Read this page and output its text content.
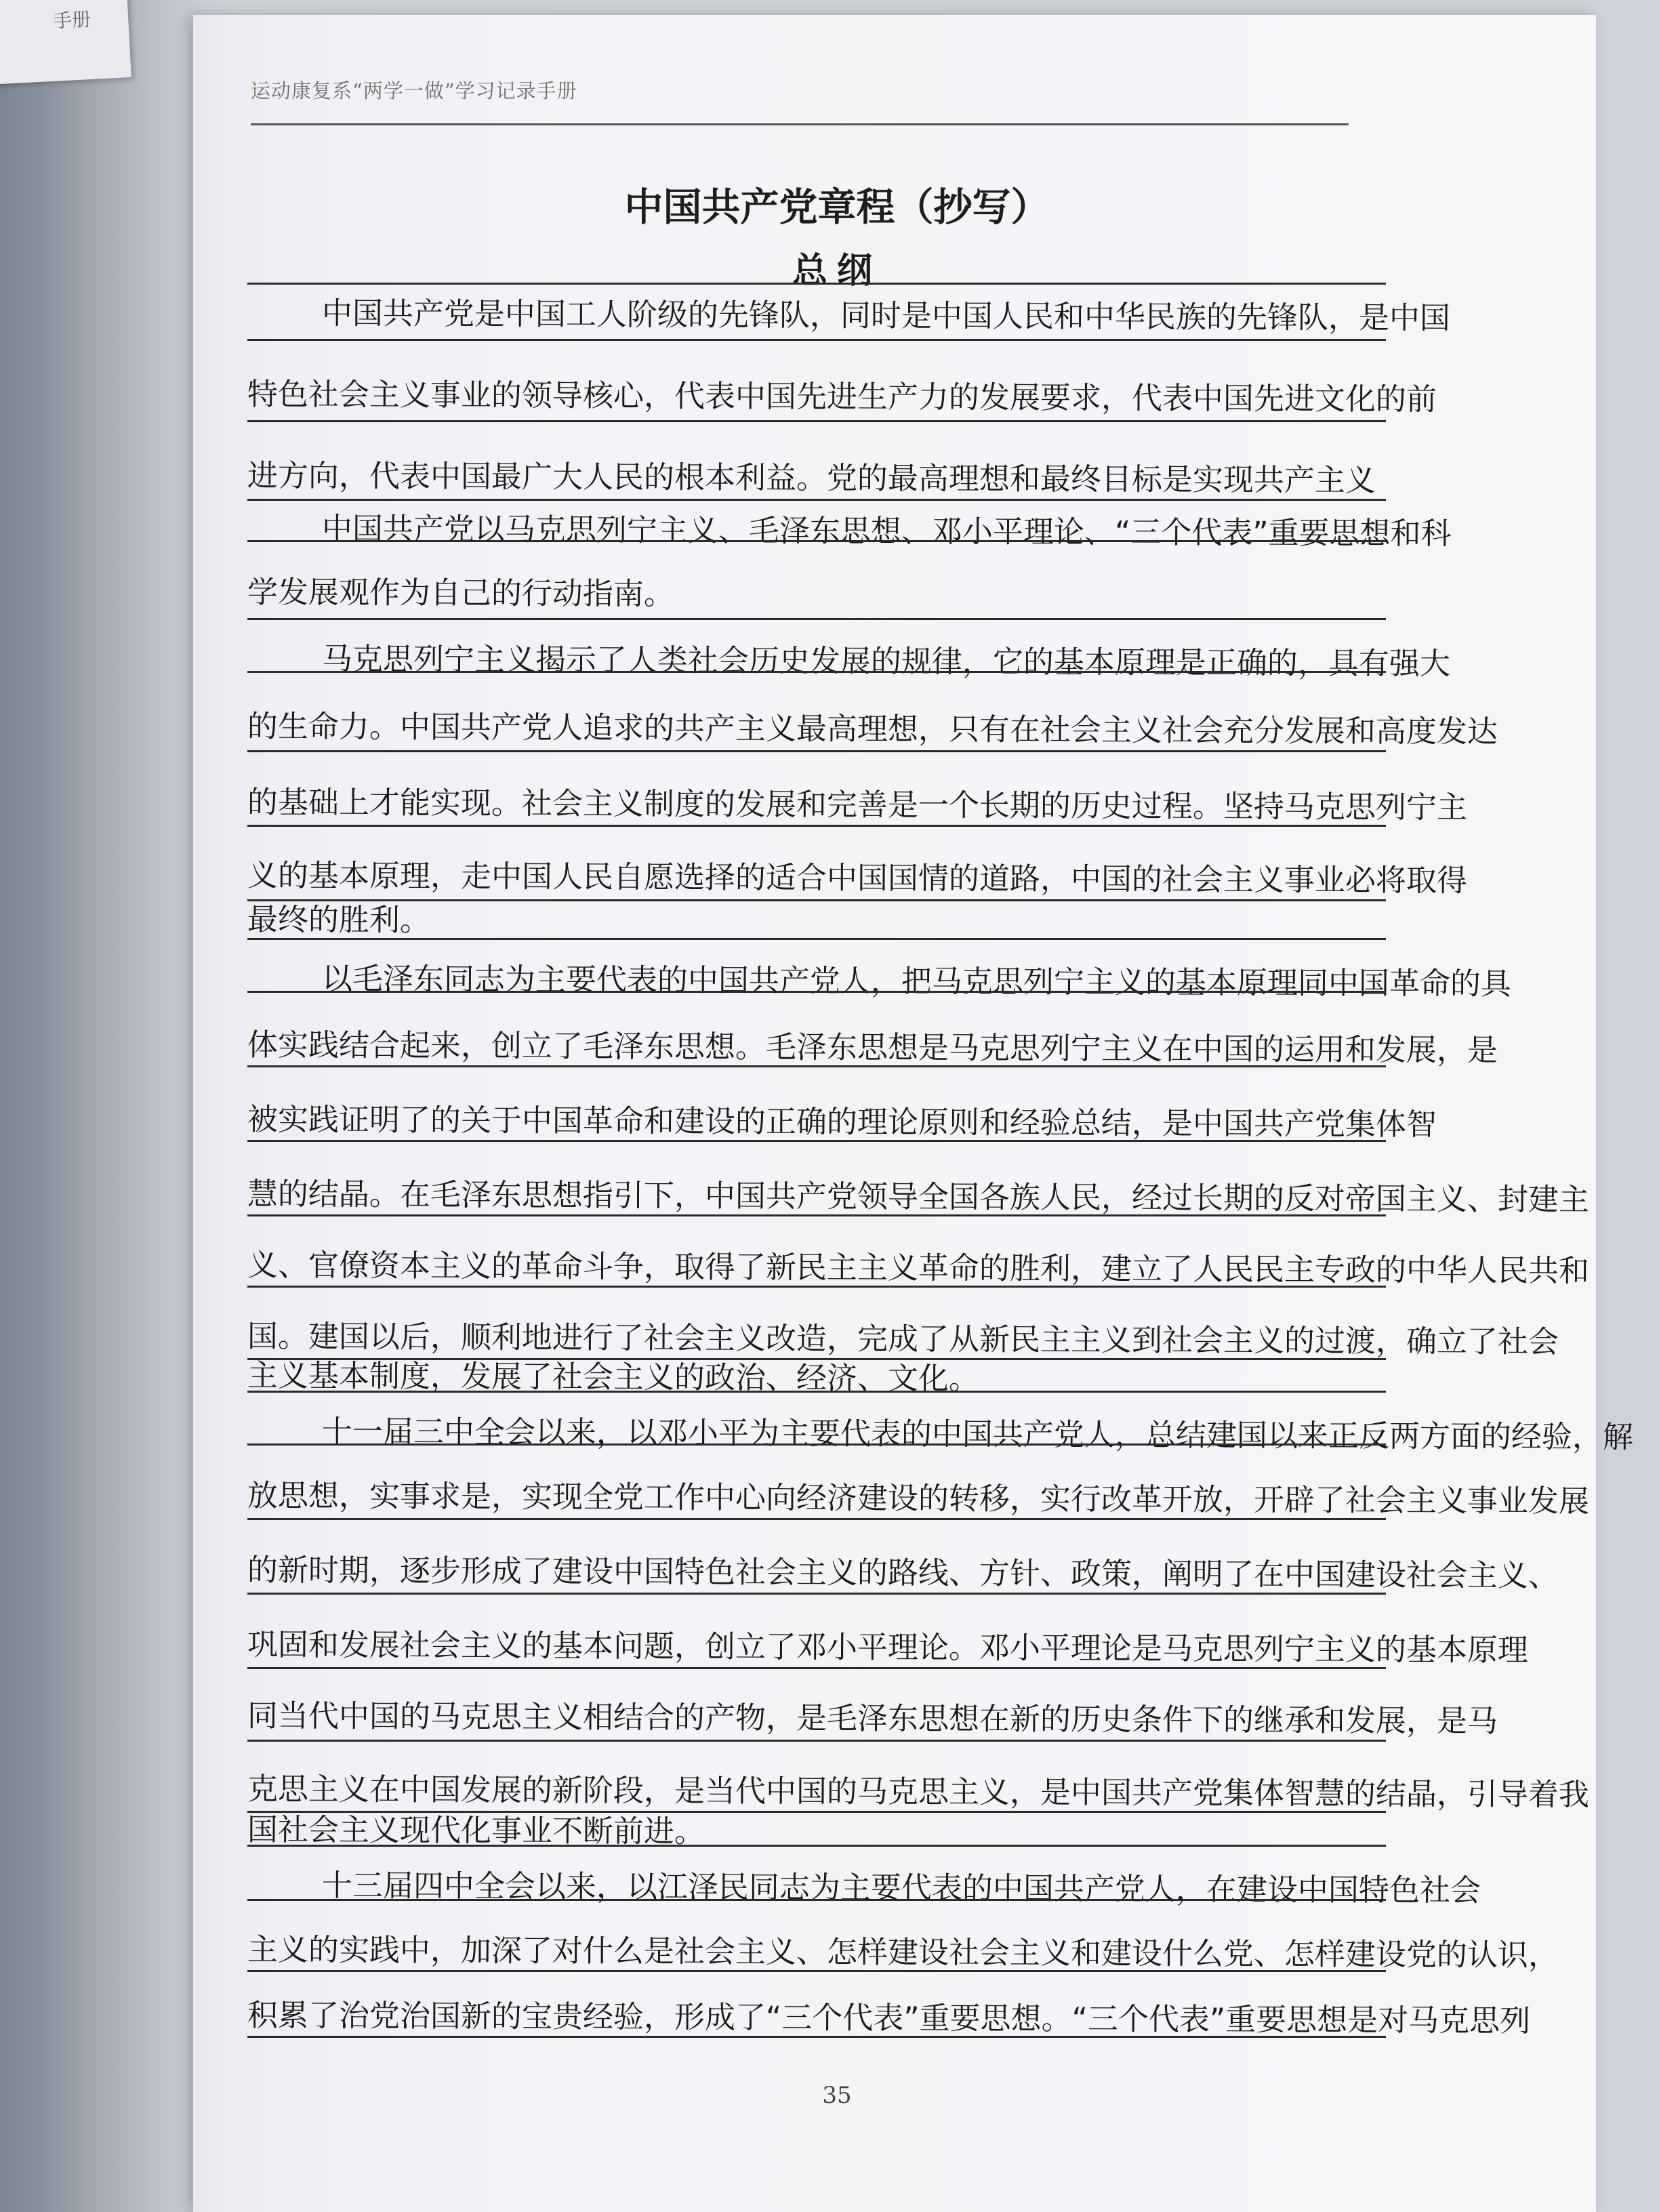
手册
运动康复系“两学一做”学习记录手册
中国共产党章程（抄写）
总纲
中国共产党是中国工人阶级的先锋队，同时是中国人民和中华民族的先锋队，是中国
特色社会主义事业的领导核心，代表中国先进生产力的发展要求，代表中国先进文化的前
进方向，代表中国最广大人民的根本利益。党的最高理想和最终目标是实现共产主义
中国共产党以马克思列宁主义、毛泽东思想、邓小平理论、“三个代表”重要思想和科
学发展观作为自己的行动指南。
马克思列宁主义揭示了人类社会历史发展的规律，它的基本原理是正确的，具有强大
的生命力。中国共产党人追求的共产主义最高理想，只有在社会主义社会充分发展和高度发达
的基础上才能实现。社会主义制度的发展和完善是一个长期的历史过程。坚持马克思列宁主
义的基本原理，走中国人民自愿选择的适合中国国情的道路，中国的社会主义事业必将取得
最终的胜利。
以毛泽东同志为主要代表的中国共产党人，把马克思列宁主义的基本原理同中国革命的具
体实践结合起来，创立了毛泽东思想。毛泽东思想是马克思列宁主义在中国的运用和发展，是
被实践证明了的关于中国革命和建设的正确的理论原则和经验总结，是中国共产党集体智
慧的结晶。在毛泽东思想指引下，中国共产党领导全国各族人民，经过长期的反对帝国主义、封建主
义、官僚资本主义的革命斗争，取得了新民主主义革命的胜利，建立了人民民主专政的中华人民共和
国。建国以后，顺利地进行了社会主义改造，完成了从新民主主义到社会主义的过渡，确立了社会
主义基本制度，发展了社会主义的政治、经济、文化。
十一届三中全会以来，以邓小平为主要代表的中国共产党人，总结建国以来正反两方面的经验，解
放思想，实事求是，实现全党工作中心向经济建设的转移，实行改革开放，开辟了社会主义事业发展
的新时期，逐步形成了建设中国特色社会主义的路线、方针、政策，阐明了在中国建设社会主义、
巩固和发展社会主义的基本问题，创立了邓小平理论。邓小平理论是马克思列宁主义的基本原理
同当代中国的马克思主义相结合的产物，是毛泽东思想在新的历史条件下的继承和发展，是马
克思主义在中国发展的新阶段，是当代中国的马克思主义，是中国共产党集体智慧的结晶，引导着我
国社会主义现代化事业不断前进。
十三届四中全会以来，以江泽民同志为主要代表的中国共产党人，在建设中国特色社会
主义的实践中，加深了对什么是社会主义、怎样建设社会主义和建设什么党、怎样建设党的认识，
积累了治党治国新的宝贵经验，形成了“三个代表”重要思想。“三个代表”重要思想是对马克思列
35
